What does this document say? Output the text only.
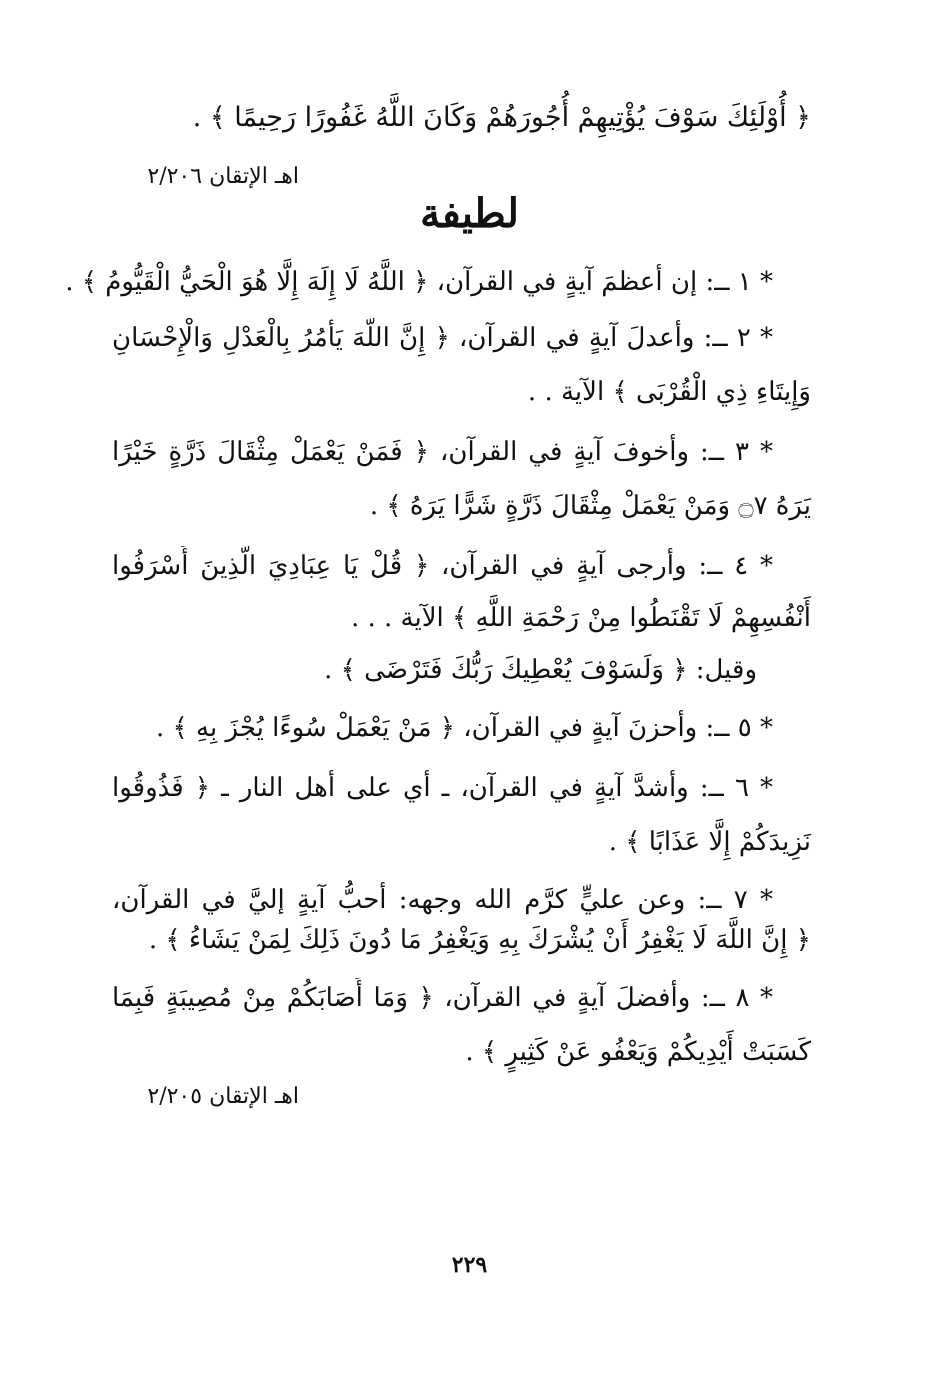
﴿ أُوْلَئِكَ سَوْفَ يُؤْتِيهِمْ أُجُورَهُمْ وَكَانَ اللَّهُ غَفُورًا رَحِيمًا ﴾ .
اهـ الإتقان ٢/٢٠٦
لطيفة
* ١ ــ: إن أعظمَ آيةٍ في القرآن، ﴿ اللَّهُ لَا إِلَهَ إِلَّا هُوَ الْحَيُّ الْقَيُّومُ ﴾ .
* ٢ ــ: وأعدلَ آيةٍ في القرآن، ﴿ إِنَّ اللَّهَ يَأْمُرُ بِالْعَدْلِ وَالْإِحْسَانِ
وَإِيتَاءِ ذِي الْقُرْبَى ﴾ الآية . .
* ٣ ــ: وأخوفَ آيةٍ في القرآن، ﴿ فَمَنْ يَعْمَلْ مِثْقَالَ ذَرَّةٍ خَيْرًا
يَرَهُ ۝٧ وَمَنْ يَعْمَلْ مِثْقَالَ ذَرَّةٍ شَرًّا يَرَهُ ﴾ .
* ٤ ــ: وأرجى آيةٍ في القرآن، ﴿ قُلْ يَا عِبَادِيَ الَّذِينَ أَسْرَفُوا
أَنْفُسِهِمْ لَا تَقْنَطُوا مِنْ رَحْمَةِ اللَّهِ ﴾ الآية . . .
وقيل: ﴿ وَلَسَوْفَ يُعْطِيكَ رَبُّكَ فَتَرْضَى ﴾ .
* ٥ ــ: وأحزنَ آيةٍ في القرآن، ﴿ مَنْ يَعْمَلْ سُوءًا يُجْزَ بِهِ ﴾ .
* ٦ ــ: وأشدَّ آيةٍ في القرآن، ـ أي على أهل النار ـ ﴿ فَذُوقُوا
نَزِيدَكُمْ إِلَّا عَذَابًا ﴾ .
* ٧ ــ: وعن عليٍّ كرَّم الله وجهه: أحبُّ آيةٍ إليَّ في القرآن،
﴿ إِنَّ اللَّهَ لَا يَغْفِرُ أَنْ يُشْرَكَ بِهِ وَيَغْفِرُ مَا دُونَ ذَلِكَ لِمَنْ يَشَاءُ ﴾ .
* ٨ ــ: وأفضلَ آيةٍ في القرآن، ﴿ وَمَا أَصَابَكُمْ مِنْ مُصِيبَةٍ فَبِمَا
كَسَبَتْ أَيْدِيكُمْ وَيَعْفُو عَنْ كَثِيرٍ ﴾ .
اهـ الإتقان ٢/٢٠٥
٢٢٩
